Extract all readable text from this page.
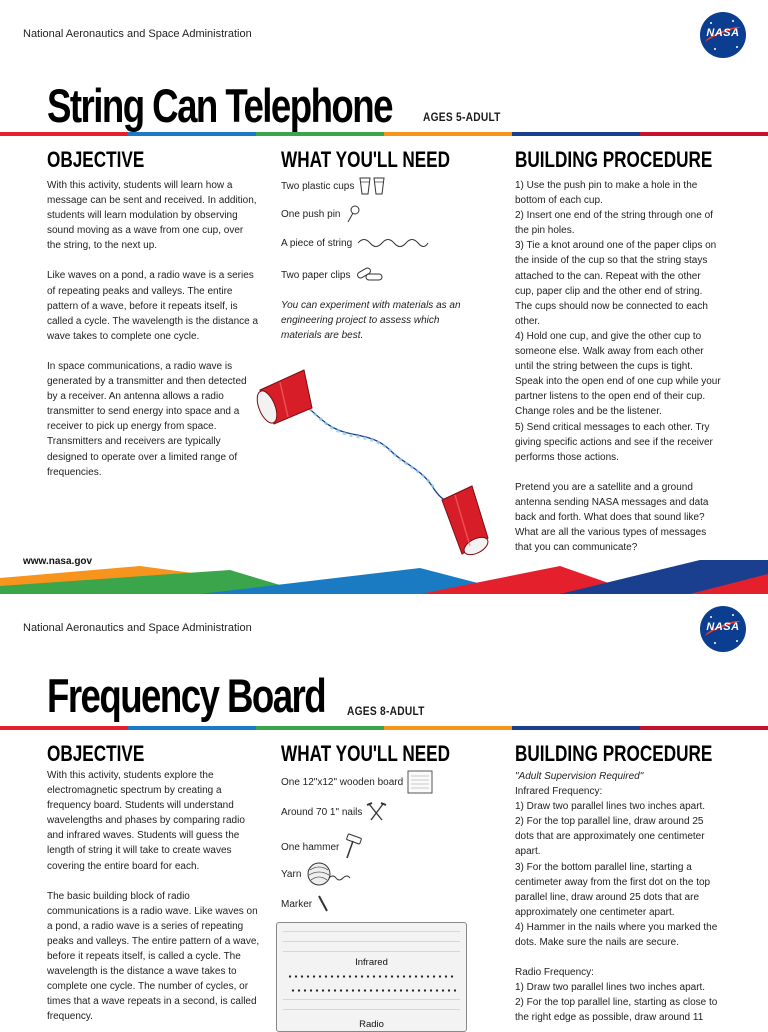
National Aeronautics and Space Administration	NASA
String Can Telephone	AGES 5-ADULT
OBJECTIVE

With this activity, students will learn how a message can be sent and received. In addition, students will learn modulation by observing sound moving as a wave from one cup, over the string, to the next up.

Like waves on a pond, a radio wave is a series of repeating peaks and valleys. The entire pattern of a wave, before it repeats itself, is called a cycle. The wavelength is the distance a wave takes to complete one cycle.

In space communications, a radio wave is generated by a transmitter and then detected by a receiver. An antenna allows a radio transmitter to send energy into space and a receiver to pick up energy from space. Transmitters and receivers are typically designed to operate over a limited range of frequencies.

WHAT YOU'LL NEED
Two plastic cups
One push pin
A piece of string
Two paper clips
You can experiment with materials as an engineering project to assess which materials are best.
BUILDING PROCEDURE

1) Use the push pin to make a hole in the bottom of each cup.
2) Insert one end of the string through one of the pin holes.
3) Tie a knot around one of the paper clips on the inside of the cup so that the string stays attached to the can. Repeat with the other cup, paper clip and the other end of string. The cups should now be connected to each other.
4) Hold one cup, and give the other cup to someone else. Walk away from each other until the string between the cups is tight. Speak into the open end of one cup while your partner listens to the open end of their cup. Change roles and be the listener.
5) Send critical messages to each other. Try giving specific actions and see if the receiver performs those actions.

Pretend you are a satellite and a ground antenna sending NASA messages and data back and forth. What does that sound like? What are all the various types of messages that you can communicate?

www.nasa.gov
National Aeronautics and Space Administration	NASA
Frequency Board AGES 8-ADULT
OBJECTIVE

With this activity, students explore the electromagnetic spectrum by creating a frequency board. Students will understand wavelengths and phases by comparing radio and infrared waves. Students will guess the length of string it will take to create waves covering the entire board for each.

The basic building block of radio communications is a radio wave. Like waves on a pond, a radio wave is a series of repeating peaks and valleys. The entire pattern of a wave, before it repeats itself, is called a cycle. The wavelength is the distance a wave takes to complete one cycle. The number of cycles, or times that a wave repeats in a second, is called frequency.

WHAT YOU'LL NEED
One 12"x12" wooden board
Around 70 1" nails
One hammer
Yarn
Marker
Infrared
Radio
BUILDING PROCEDURE
"Adult Supervision Required"
Infrared Frequency:

1) Draw two parallel lines two inches apart.
2) For the top parallel line, draw around 25 dots that are approximately one centimeter apart.
3) For the bottom parallel line, starting a centimeter away from the first dot on the top parallel line, draw around 25 dots that are approximately one centimeter apart.
4) Hammer in the nails where you marked the dots. Make sure the nails are secure.

Radio Frequency:
1) Draw two parallel lines two inches apart.
2) For the top parallel line, starting as close to the right edge as possible, draw around 11
